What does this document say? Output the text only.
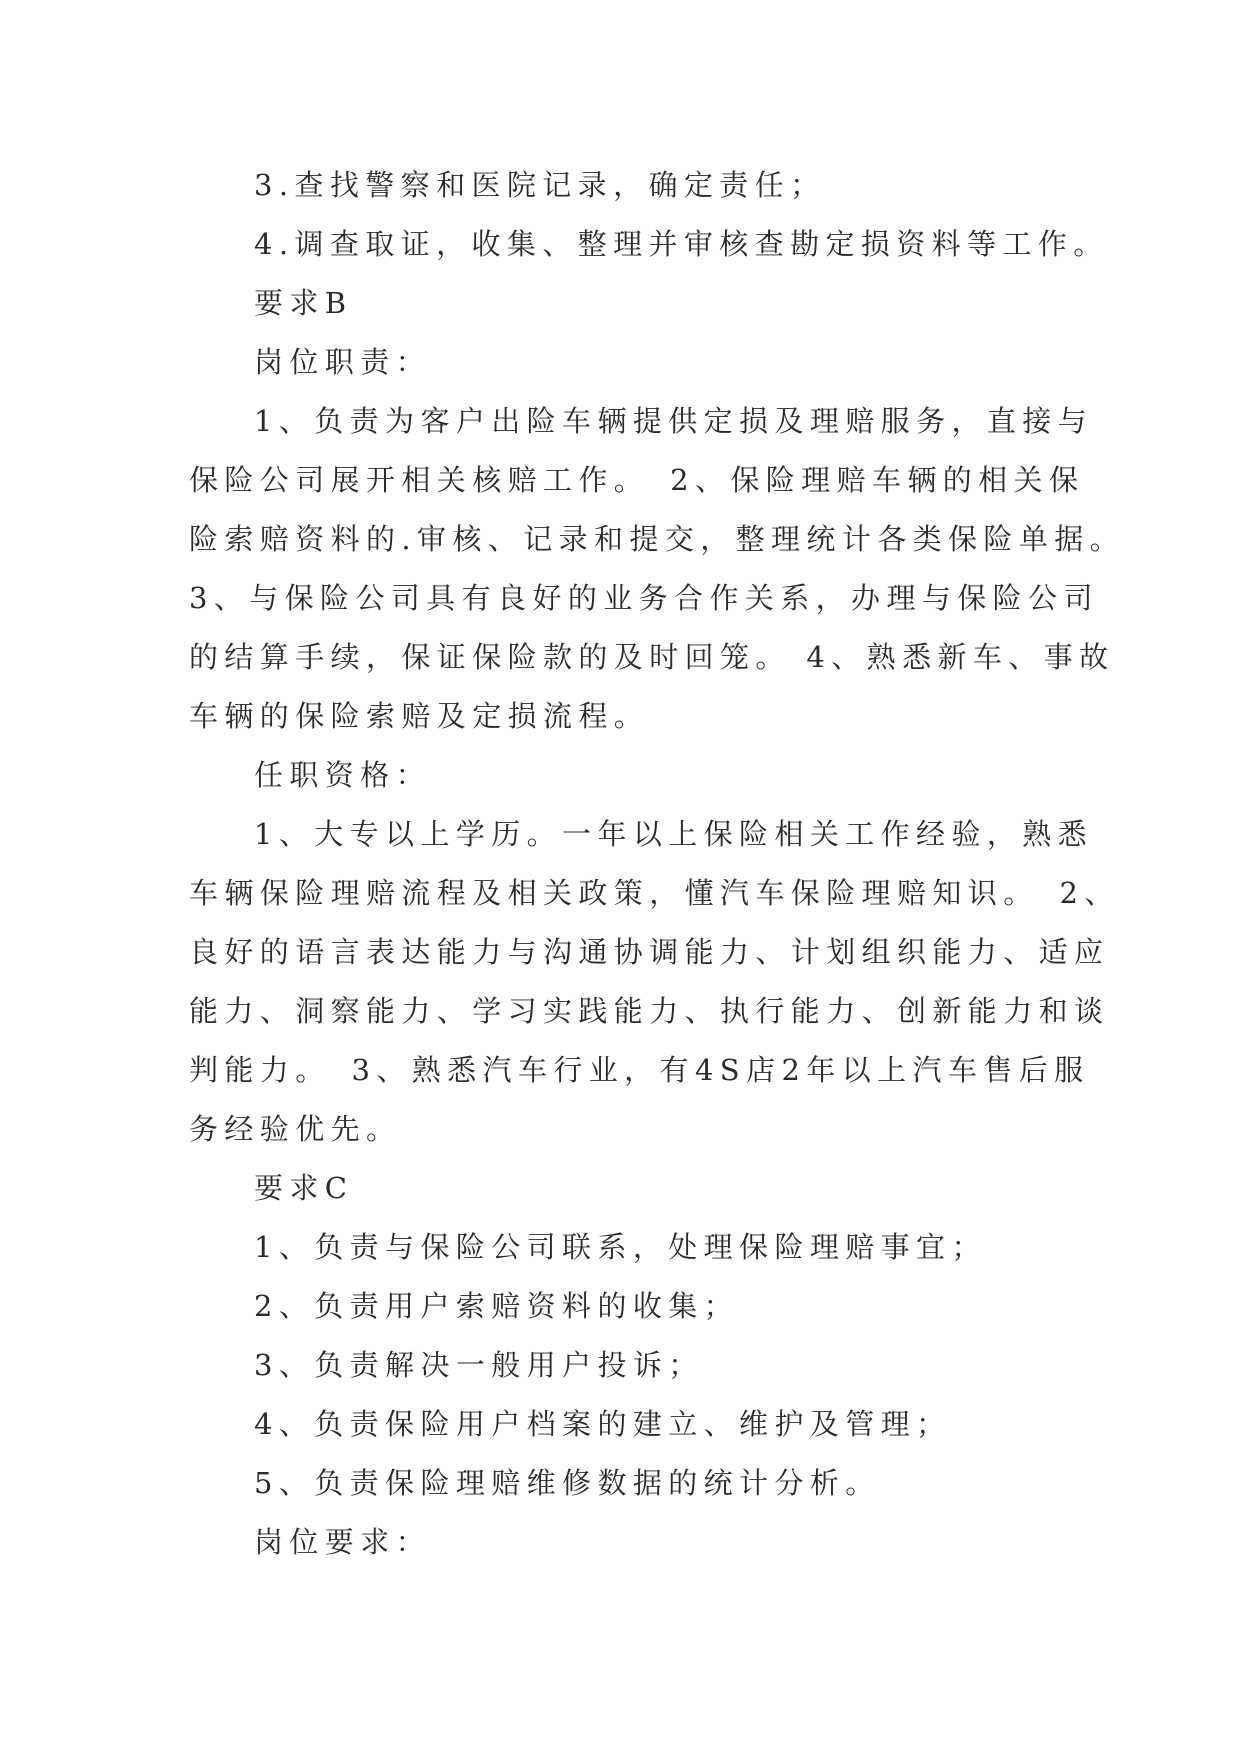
3.查找警察和医院记录，确定责任；

4.调查取证，收集、整理并审核查勘定损资料等工作。

要求B

岗位职责：

1、负责为客户出险车辆提供定损及理赔服务，直接与

保险公司展开相关核赔工作。　2、保险理赔车辆的相关保

险索赔资料的.审核、记录和提交，整理统计各类保险单据。

3、与保险公司具有良好的业务合作关系，办理与保险公司

的结算手续，保证保险款的及时回笼。 4、熟悉新车、事故

车辆的保险索赔及定损流程。

任职资格：

1、大专以上学历。一年以上保险相关工作经验，熟悉

车辆保险理赔流程及相关政策，懂汽车保险理赔知识。　2、

良好的语言表达能力与沟通协调能力、计划组织能力、适应

能力、洞察能力、学习实践能力、执行能力、创新能力和谈

判能力。　3、熟悉汽车行业，有4S店2年以上汽车售后服

务经验优先。

要求C

1、负责与保险公司联系，处理保险理赔事宜；

2、负责用户索赔资料的收集；

3、负责解决一般用户投诉；

4、负责保险用户档案的建立、维护及管理；

5、负责保险理赔维修数据的统计分析。

岗位要求：
